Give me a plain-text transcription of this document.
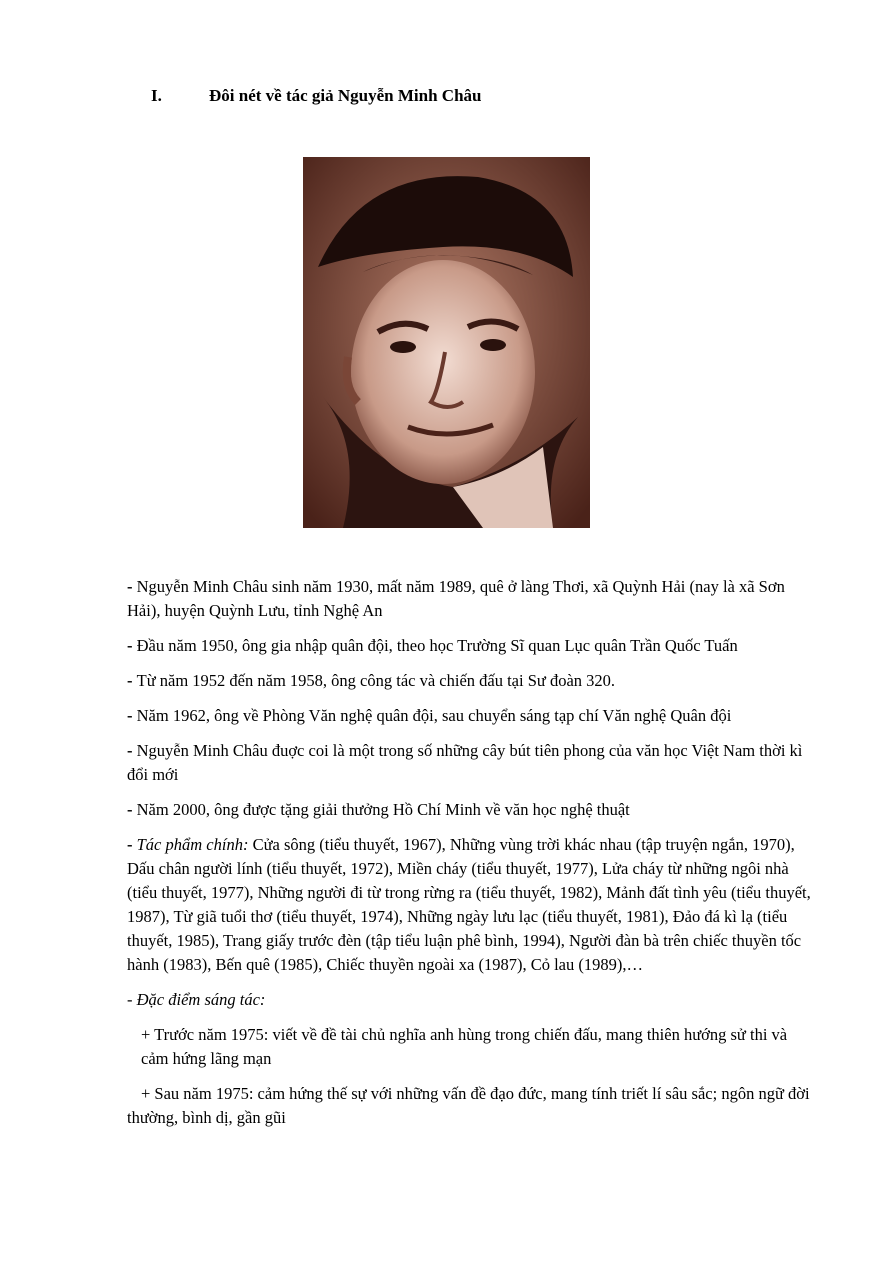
I.	Đôi nét về tác giả Nguyễn Minh Châu

- Nguyễn Minh Châu sinh năm 1930, mất năm 1989, quê ở làng Thơi, xã Quỳnh Hải (nay là xã Sơn Hải), huyện Quỳnh Lưu, tỉnh Nghệ An

- Đầu năm 1950, ông gia nhập quân đội, theo học Trường Sĩ quan Lục quân Trần Quốc Tuấn

- Từ năm 1952 đến năm 1958, ông công tác và chiến đấu tại Sư đoàn 320.

- Năm 1962, ông về Phòng Văn nghệ quân đội, sau chuyển sáng tạp chí Văn nghệ Quân đội

- Nguyễn Minh Châu đuợc coi là một trong số những cây bút tiên phong của văn học Việt Nam thời kì đổi mới

- Năm 2000, ông được tặng giải thưởng Hồ Chí Minh về văn học nghệ thuật

- Tác phẩm chính: Cửa sông (tiểu thuyết, 1967), Những vùng trời khác nhau (tập truyện ngắn, 1970), Dấu chân người lính (tiểu thuyết, 1972), Miền cháy (tiểu thuyết, 1977), Lửa cháy từ những ngôi nhà (tiểu thuyết, 1977), Những người đi từ trong rừng ra (tiểu thuyết, 1982), Mảnh đất tình yêu (tiểu thuyết, 1987), Từ giã tuổi thơ (tiểu thuyết, 1974), Những ngày lưu lạc (tiểu thuyết, 1981), Đảo đá kì lạ (tiểu thuyết, 1985), Trang giấy trước đèn (tập tiểu luận phê bình, 1994), Người đàn bà trên chiếc thuyền tốc hành (1983), Bến quê (1985), Chiếc thuyền ngoài xa (1987), Cỏ lau (1989),…

- Đặc điểm sáng tác:

+ Trước năm 1975: viết về đề tài chủ nghĩa anh hùng trong chiến đấu, mang thiên hướng sử thi và cảm hứng lãng mạn

+ Sau năm 1975: cảm hứng thế sự với những vấn đề đạo đức, mang tính triết lí sâu sắc; ngôn ngữ đời thường, bình dị, gần gũi
